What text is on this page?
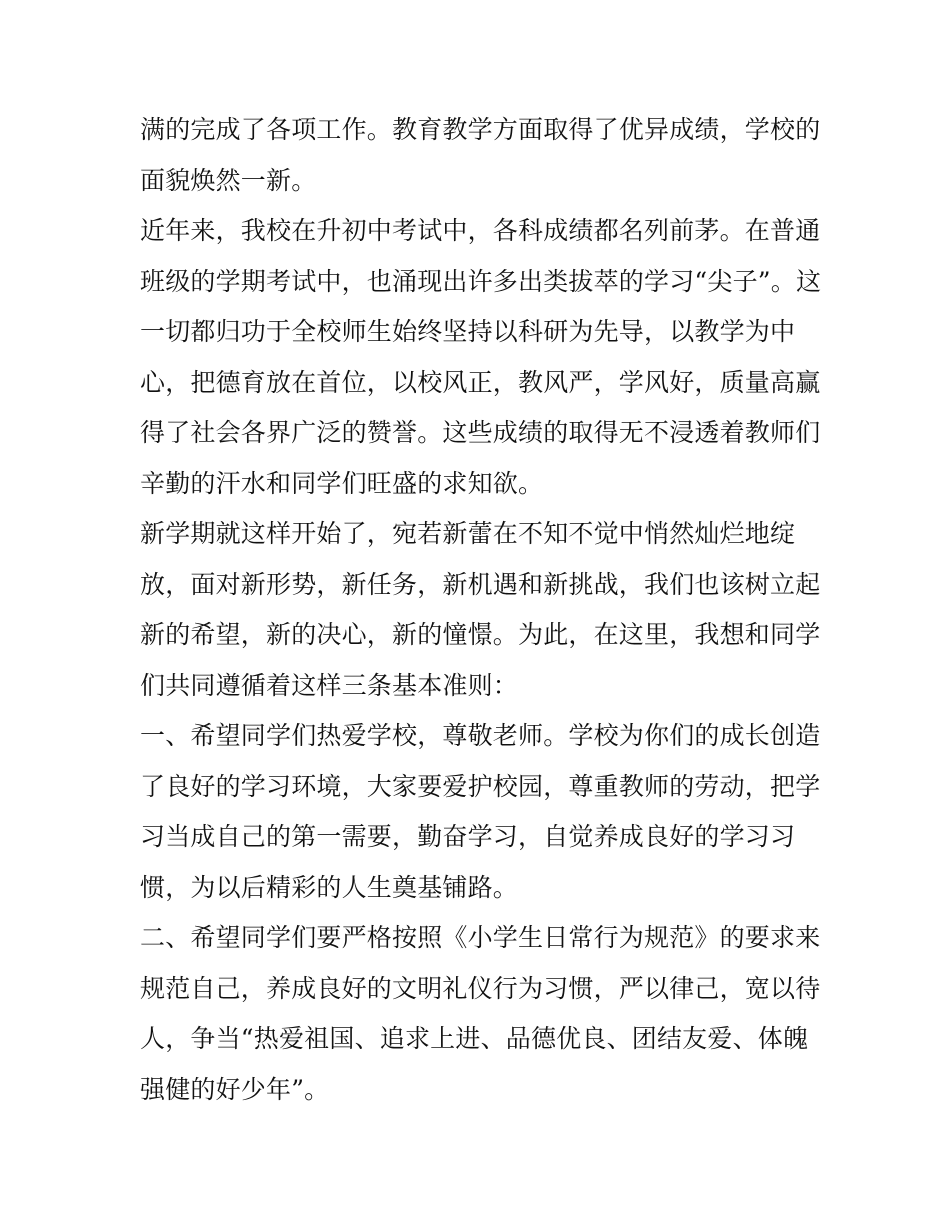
满的完成了各项工作。教育教学方面取得了优异成绩，学校的
面貌焕然一新。
近年来，我校在升初中考试中，各科成绩都名列前茅。在普通
班级的学期考试中，也涌现出许多出类拔萃的学习“尖子”。这
一切都归功于全校师生始终坚持以科研为先导，以教学为中
心，把德育放在首位，以校风正，教风严，学风好，质量高赢
得了社会各界广泛的赞誉。这些成绩的取得无不浸透着教师们
辛勤的汗水和同学们旺盛的求知欲。
新学期就这样开始了，宛若新蕾在不知不觉中悄然灿烂地绽
放，面对新形势，新任务，新机遇和新挑战，我们也该树立起
新的希望，新的决心，新的憧憬。为此，在这里，我想和同学
们共同遵循着这样三条基本准则：
一、希望同学们热爱学校，尊敬老师。学校为你们的成长创造
了良好的学习环境，大家要爱护校园，尊重教师的劳动，把学
习当成自己的第一需要，勤奋学习，自觉养成良好的学习习
惯，为以后精彩的人生奠基铺路。
二、希望同学们要严格按照《小学生日常行为规范》的要求来
规范自己，养成良好的文明礼仪行为习惯，严以律己，宽以待
人，争当“热爱祖国、追求上进、品德优良、团结友爱、体魄
强健的好少年”。
